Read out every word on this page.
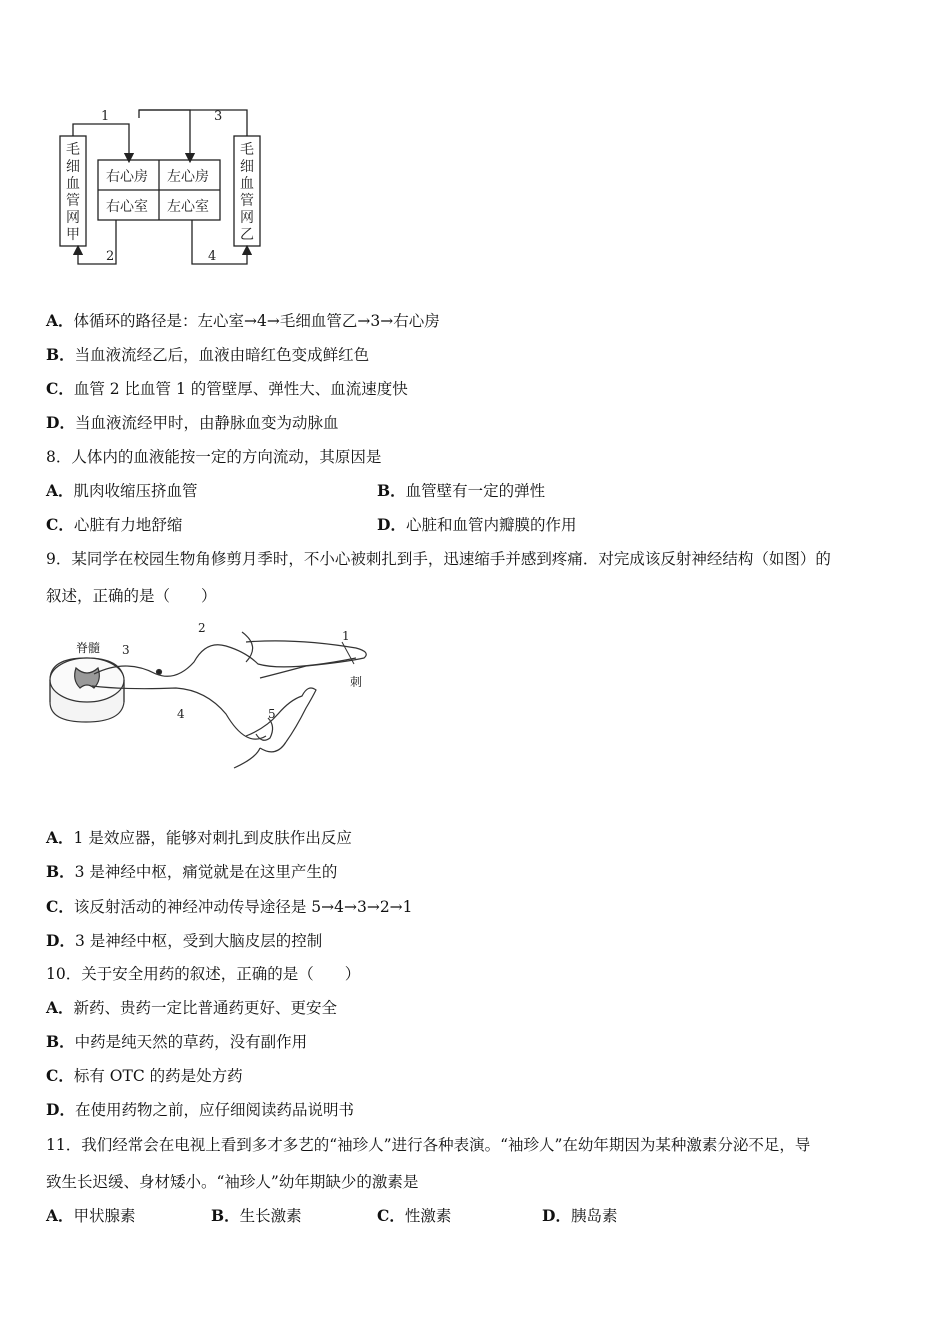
1	3
2	4
右心房 左心房
右心室 左心室
毛
细
血
管
网
甲
毛
细
血
管
网
乙
A．体循环的路径是：左心室→4→毛细血管乙→3→右心房
B．当血液流经乙后，血液由暗红色变成鲜红色
C．血管 2 比血管 1 的管壁厚、弹性大、血流速度快
D．当血液流经甲时，由静脉血变为动脉血
8．人体内的血液能按一定的方向流动，其原因是
A．肌肉收缩压挤血管	B．血管壁有一定的弹性
C．心脏有力地舒缩	D．心脏和血管内瓣膜的作用
9．某同学在校园生物角修剪月季时，不小心被刺扎到手，迅速缩手并感到疼痛．对完成该反射神经结构（如图）的
叙述，正确的是（　　）
脊髓 3
2
1
刺
4	5
A．1 是效应器，能够对刺扎到皮肤作出反应
B．3 是神经中枢，痛觉就是在这里产生的
C．该反射活动的神经冲动传导途径是 5→4→3→2→1
D．3 是神经中枢，受到大脑皮层的控制
10．关于安全用药的叙述，正确的是（　　）
A．新药、贵药一定比普通药更好、更安全
B．中药是纯天然的草药，没有副作用
C．标有 OTC 的药是处方药
D．在使用药物之前，应仔细阅读药品说明书
11．我们经常会在电视上看到多才多艺的“袖珍人”进行各种表演。“袖珍人”在幼年期因为某种激素分泌不足，导
致生长迟缓、身材矮小。“袖珍人”幼年期缺少的激素是
A．甲状腺素	B．生长激素	C．性激素	D．胰岛素
